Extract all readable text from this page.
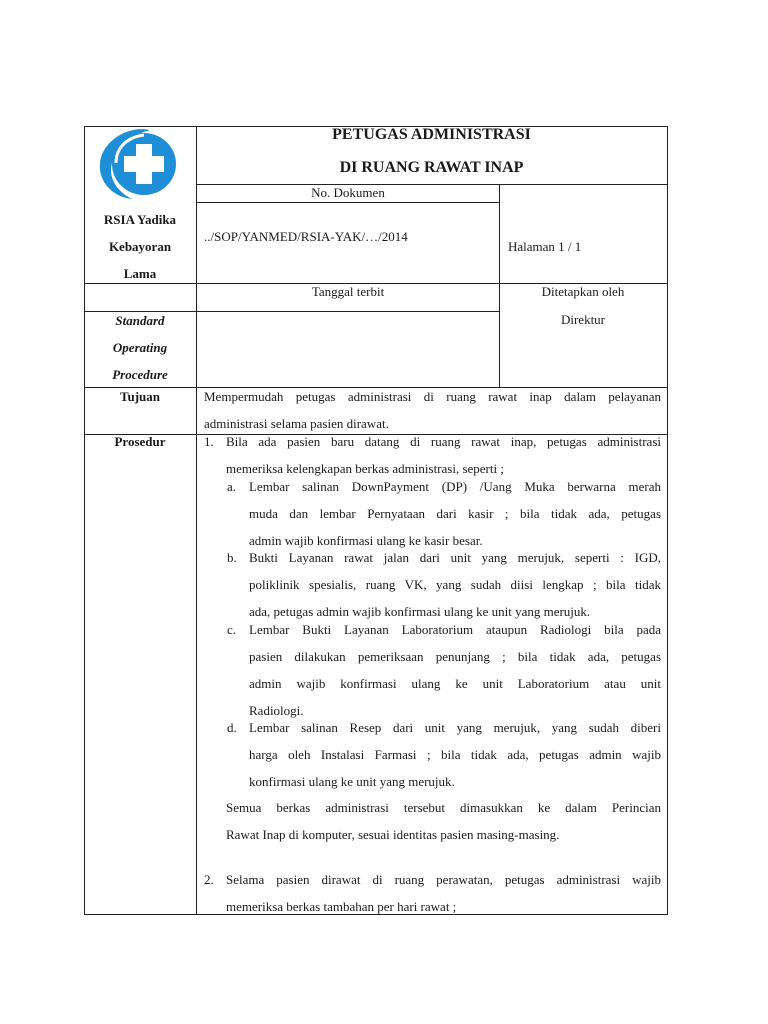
RSIA Yadika
Kebayoran
Lama
PETUGAS ADMINISTRASI
DI RUANG RAWAT INAP
No. Dokumen
../SOP/YANMED/RSIA-YAK/…/2014
Halaman 1 / 1
Tanggal terbit	Ditetapkan oleh
Direktur
Standard
Operating
Procedure
Tujuan	Mempermudah petugas administrasi di ruang rawat inap dalam pelayanan
administrasi selama pasien dirawat.
Prosedur	1. Bila ada pasien baru datang di ruang rawat inap, petugas administrasi
memeriksa kelengkapan berkas administrasi, seperti ;
a. Lembar salinan DownPayment (DP) /Uang Muka berwarna merah
muda dan lembar Pernyataan dari kasir ; bila tidak ada, petugas
admin wajib konfirmasi ulang ke kasir besar.
b. Bukti Layanan rawat jalan dari unit yang merujuk, seperti : IGD,
poliklinik spesialis, ruang VK, yang sudah diisi lengkap ; bila tidak
ada, petugas admin wajib konfirmasi ulang ke unit yang merujuk.
c. Lembar Bukti Layanan Laboratorium ataupun Radiologi bila pada
pasien dilakukan pemeriksaan penunjang ; bila tidak ada, petugas
admin wajib konfirmasi ulang ke unit Laboratorium atau unit
Radiologi.
d. Lembar salinan Resep dari unit yang merujuk, yang sudah diberi
harga oleh Instalasi Farmasi ; bila tidak ada, petugas admin wajib
konfirmasi ulang ke unit yang merujuk.
Semua berkas administrasi tersebut dimasukkan ke dalam Perincian
Rawat Inap di komputer, sesuai identitas pasien masing-masing.
2. Selama pasien dirawat di ruang perawatan, petugas administrasi wajib
memeriksa berkas tambahan per hari rawat ;
